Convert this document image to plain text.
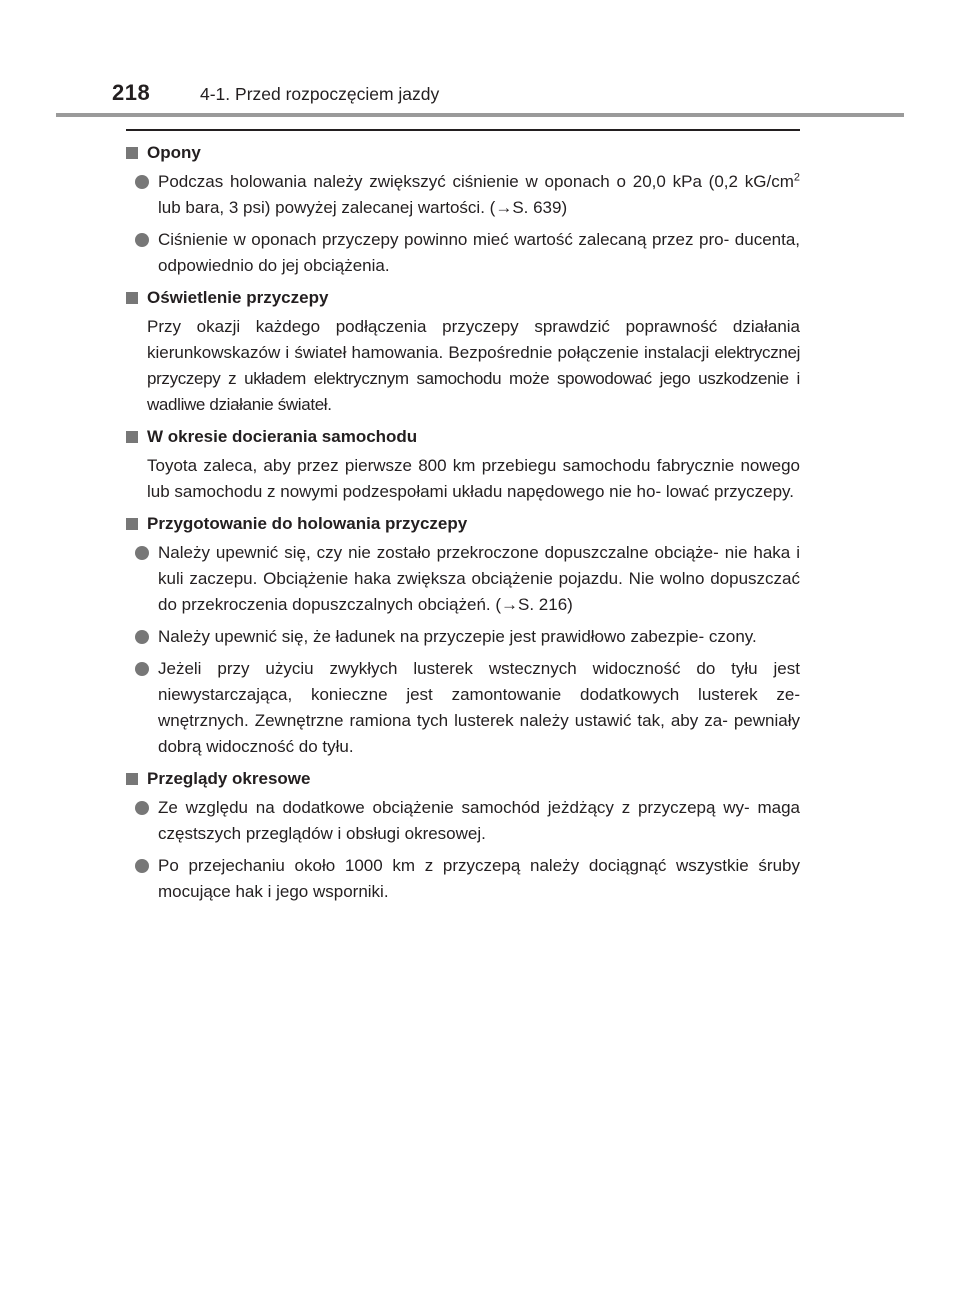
218	4-1. Przed rozpoczęciem jazdy
Opony
Podczas holowania należy zwiększyć ciśnienie w oponach o 20,0 kPa (0,2 $kG/cm^2$ lub bara, 3 psi) powyżej zalecanej wartości. (→S. 639)
Ciśnienie w oponach przyczepy powinno mieć wartość zalecaną przez pro- ducenta, odpowiednio do jej obciążenia.
Oświetlenie przyczepy
Przy okazji każdego podłączenia przyczepy sprawdzić poprawność działania kierunkowskazów i świateł hamowania. Bezpośrednie połączenie instalacji elektrycznej przyczepy z układem elektrycznym samochodu może spowodować jego uszkodzenie i wadliwe działanie świateł.
W okresie docierania samochodu
Toyota zaleca, aby przez pierwsze 800 km przebiegu samochodu fabrycznie nowego lub samochodu z nowymi podzespołami układu napędowego nie ho- lować przyczepy.
Przygotowanie do holowania przyczepy
Należy upewnić się, czy nie zostało przekroczone dopuszczalne obciąże- nie haka i kuli zaczepu. Obciążenie haka zwiększa obciążenie pojazdu. Nie wolno dopuszczać do przekroczenia dopuszczalnych obciążeń. (→S. 216)
Należy upewnić się, że ładunek na przyczepie jest prawidłowo zabezpie- czony.
Jeżeli przy użyciu zwykłych lusterek wstecznych widoczność do tyłu jest niewystarczająca, konieczne jest zamontowanie dodatkowych lusterek ze- wnętrznych. Zewnętrzne ramiona tych lusterek należy ustawić tak, aby za- pewniały dobrą widoczność do tyłu.
Przeglądy okresowe
Ze względu na dodatkowe obciążenie samochód jeżdżący z przyczepą wy- maga częstszych przeglądów i obsługi okresowej.
Po przejechaniu około 1000 km z przyczepą należy dociągnąć wszystkie śruby mocujące hak i jego wsporniki.
